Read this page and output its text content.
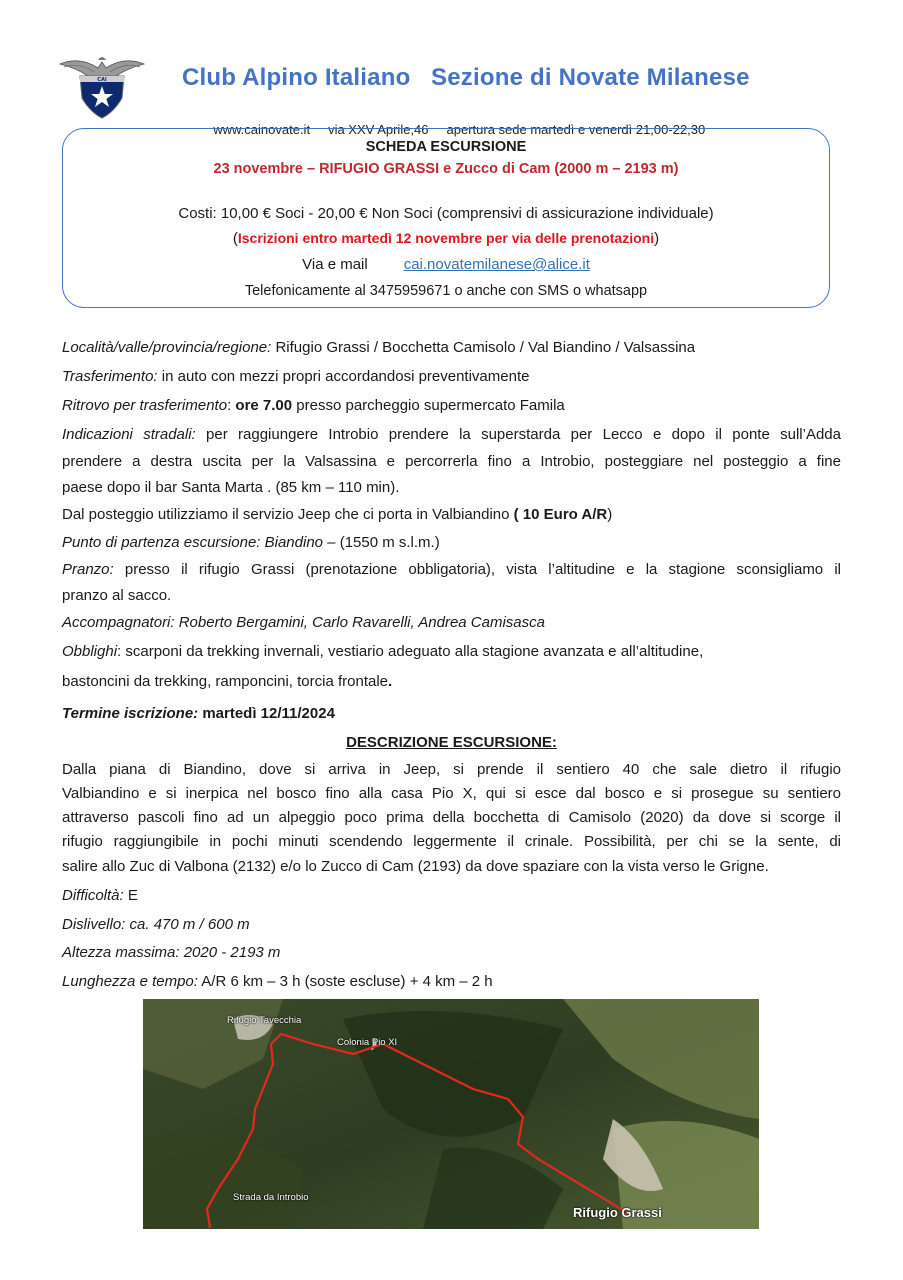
CAI	Club Alpino Italiano   Sezione di Novate Milanese

www.cainovate.it via XXV Aprile,46 apertura sede martedì e venerdì 21,00-22,30

SCHEDA ESCURSIONE
23 novembre – RIFUGIO GRASSI e Zucco di Cam (2000 m – 2193 m)
Costi: 10,00 € Soci - 20,00 € Non Soci (comprensivi di assicurazione individuale)
(Iscrizioni entro martedì 12 novembre per via delle prenotazioni)
Via e mail cai.novatemilanese@alice.it
Telefonicamente al 3475959671 o anche con SMS o whatsapp
Località/valle/provincia/regione: Rifugio Grassi / Bocchetta Camisolo / Val Biandino / Valsassina
Trasferimento: in auto con mezzi propri accordandosi preventivamente
Ritrovo per trasferimento: ore 7.00 presso parcheggio supermercato Famila
Indicazioni stradali: per raggiungere Introbio prendere la superstarda per Lecco e dopo il ponte sull’Adda
prendere a destra uscita per la Valsassina e percorrerla fino a Introbio, posteggiare nel posteggio a fine
paese dopo il bar Santa Marta . (85 km – 110 min).
Dal posteggio utilizziamo il servizio Jeep che ci porta in Valbiandino ( 10 Euro A/R)
Punto di partenza escursione: Biandino – (1550 m s.l.m.)
Pranzo: presso il rifugio Grassi (prenotazione obbligatoria), vista l’altitudine e la stagione sconsigliamo il
pranzo al sacco.
Accompagnatori: Roberto Bergamini, Carlo Ravarelli, Andrea Camisasca
Obblighi: scarponi da trekking invernali, vestiario adeguato alla stagione avanzata e all’altitudine,
bastoncini da trekking, ramponcini, torcia frontale.
Termine iscrizione: martedì 12/11/2024
DESCRIZIONE ESCURSIONE:
Dalla piana di Biandino, dove si arriva in Jeep, si prende il sentiero 40 che sale dietro il rifugio
Valbiandino e si inerpica nel bosco fino alla casa Pio X, qui si esce dal bosco e si prosegue su sentiero
attraverso pascoli fino ad un alpeggio poco prima della bocchetta di Camisolo (2020) da dove si scorge il
rifugio raggiungibile in pochi minuti scendendo leggermente il crinale. Possibilità, per chi se la sente, di
salire allo Zuc di Valbona (2132) e/o lo Zucco di Cam (2193) da dove spaziare con la vista verso le Grigne.
Difficoltà: E
Dislivello: ca. 470 m / 600 m
Altezza massima: 2020 - 2193 m
Lunghezza e tempo: A/R 6 km – 3 h (soste escluse) + 4 km – 2 h
Rifugio Tavecchia
Colonia Pio XI
Strada da Introbio
Rifugio Grassi
